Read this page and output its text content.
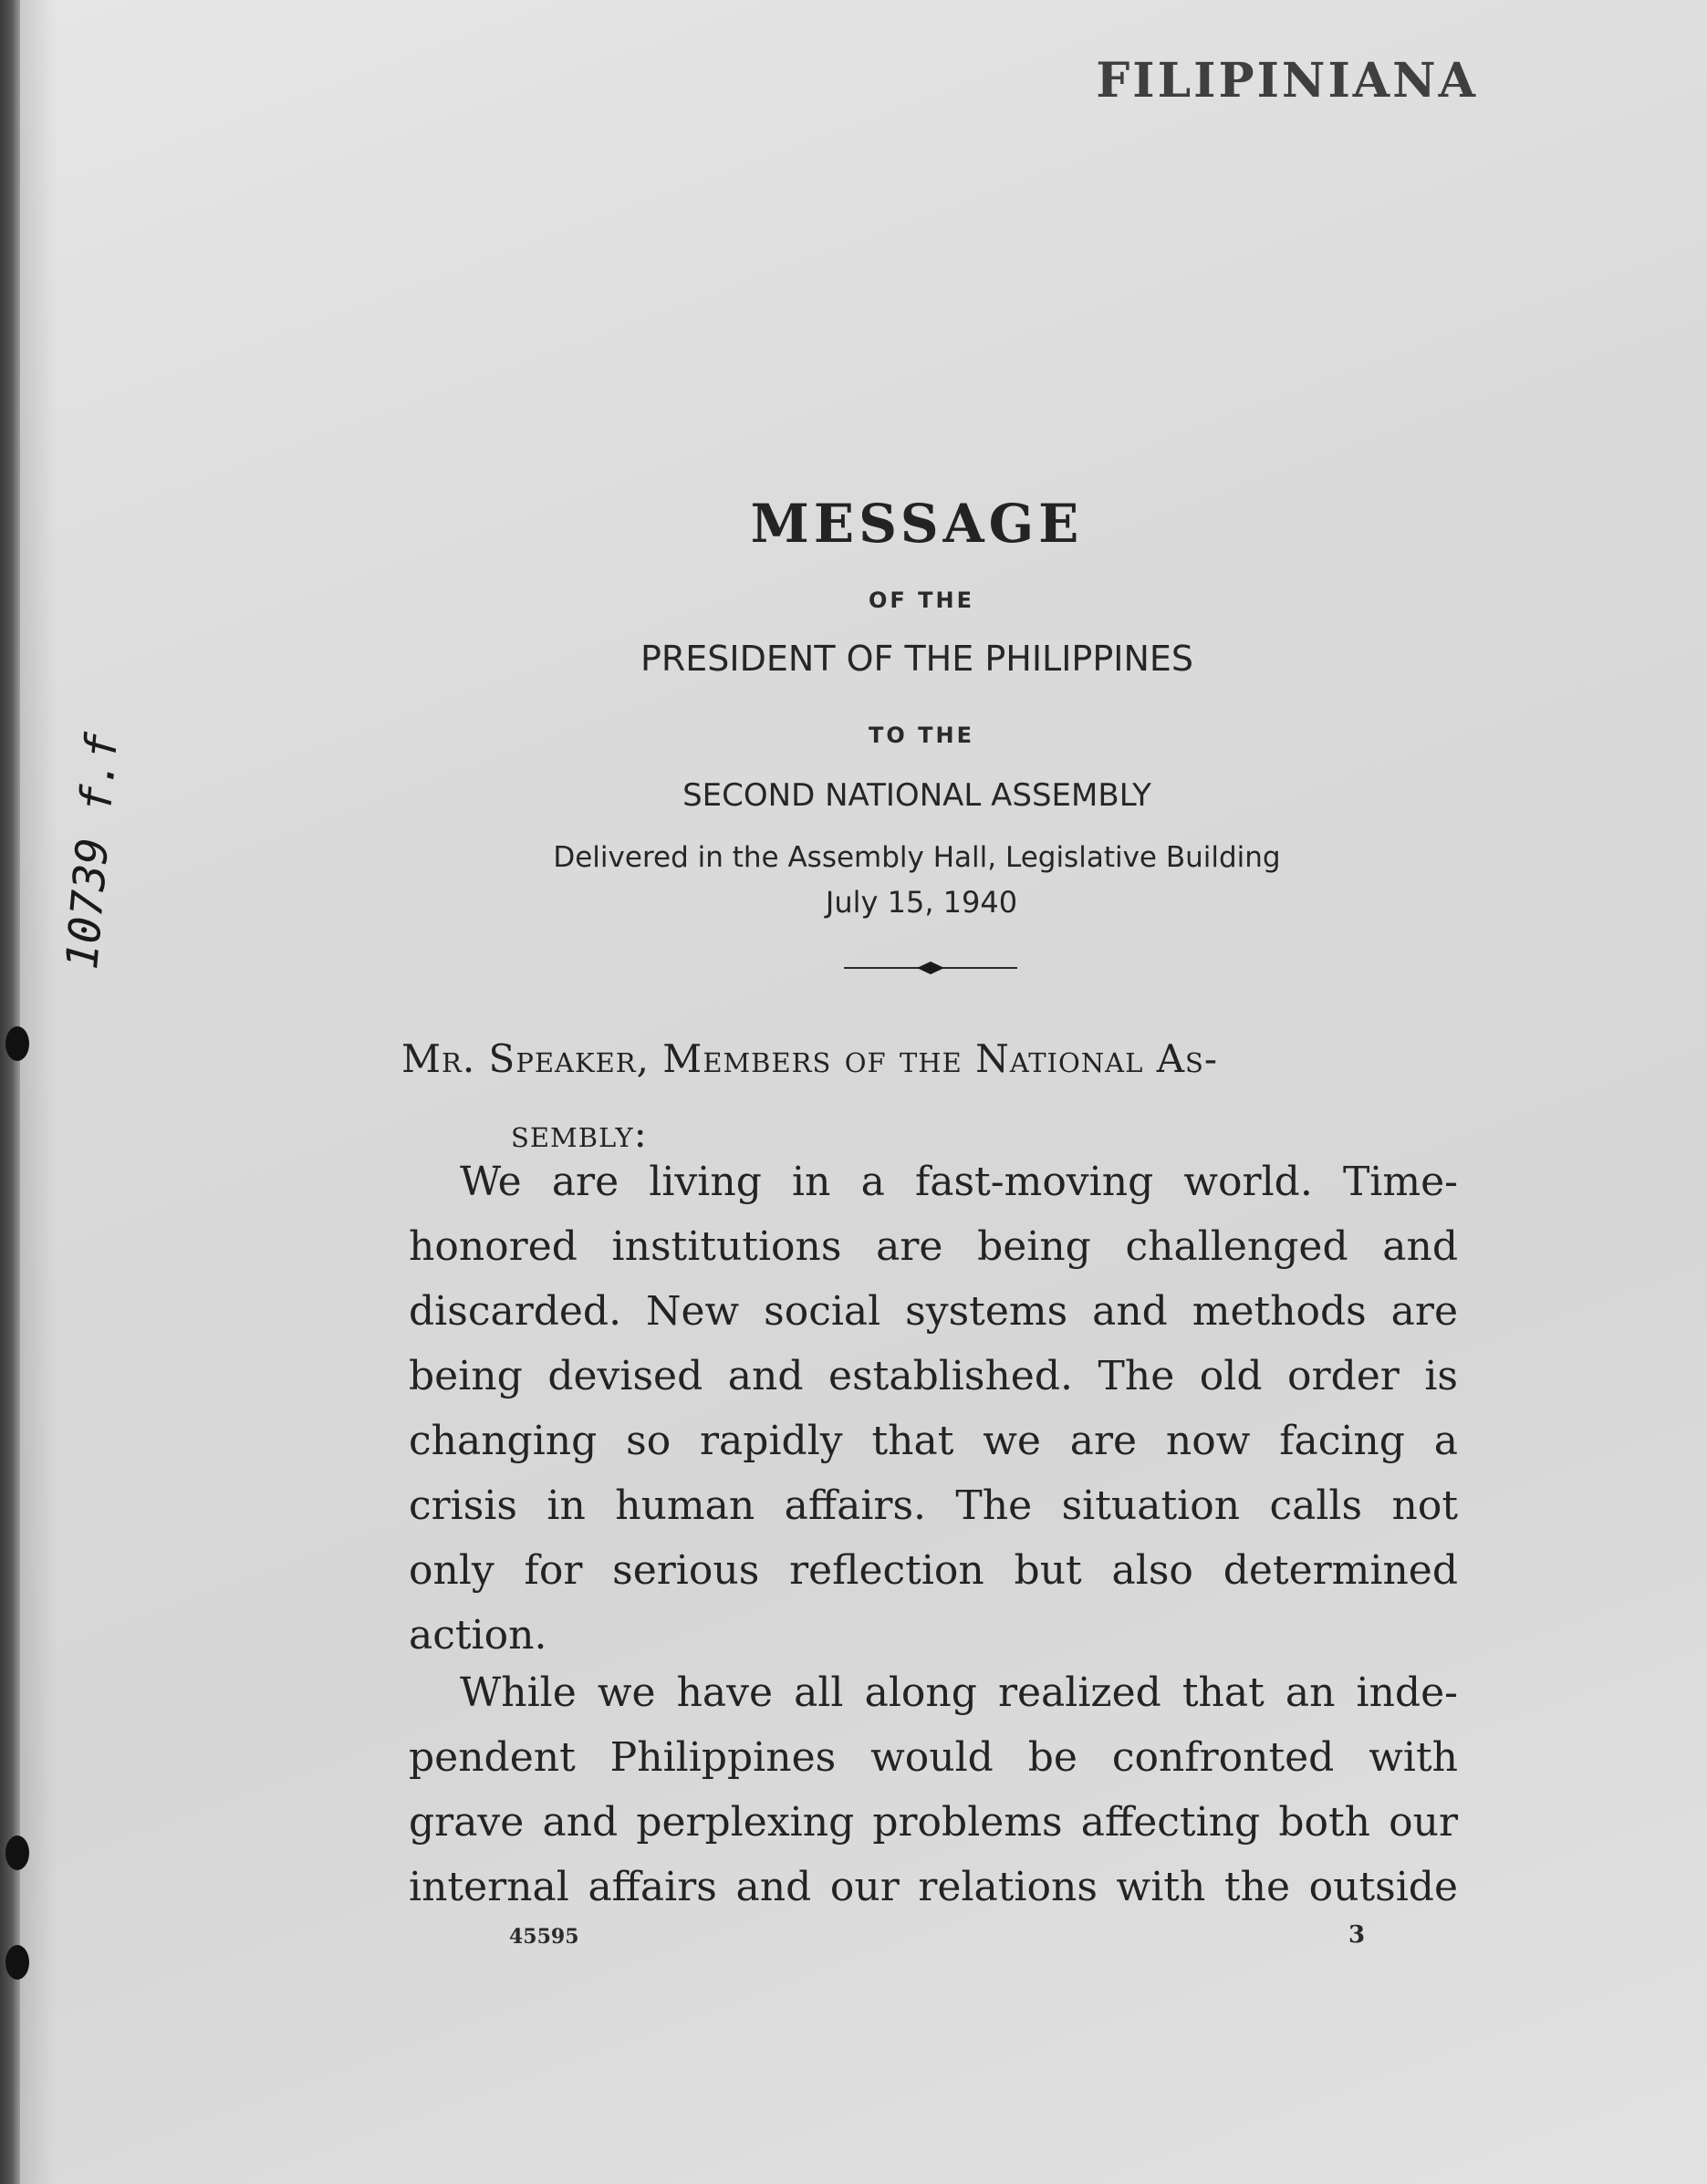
FILIPINIANA
10739 f.f
MESSAGE
OF THE
PRESIDENT OF THE PHILIPPINES
TO THE
SECOND NATIONAL ASSEMBLY
Delivered in the Assembly Hall, Legislative Building
July 15, 1940
Mr. Speaker, Members of the National As-
sembly:
We are living in a fast-moving world. Time-
honored institutions are being challenged and
discarded. New social systems and methods are
being devised and established. The old order is
changing so rapidly that we are now facing a
crisis in human affairs. The situation calls not
only for serious reflection but also determined
action.
While we have all along realized that an inde-
pendent Philippines would be confronted with
grave and perplexing problems affecting both our
internal affairs and our relations with the outside
45595	3
